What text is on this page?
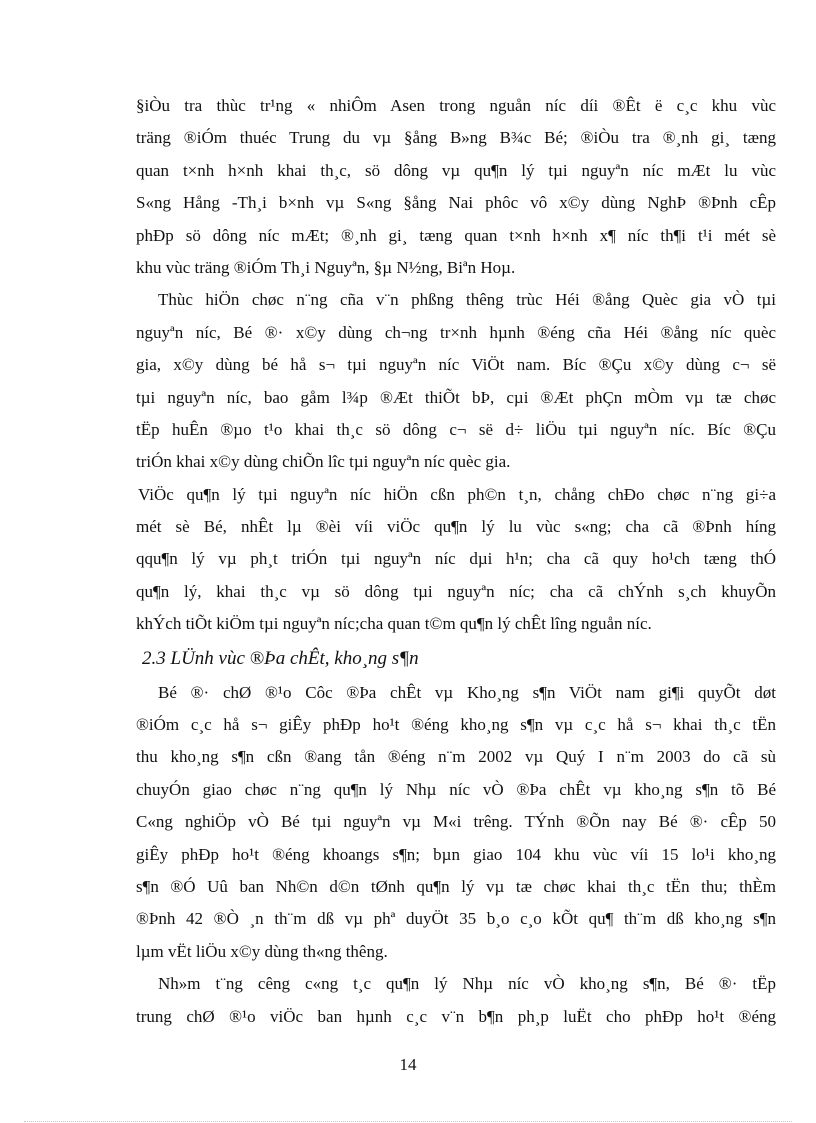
§iÒu tra thùc tr¹ng « nhiÔm Asen trong nguån níc díi ®Êt ë c¸c khu vùc
träng ®iÓm thuéc Trung du vµ §ång B»ng B¾c Bé; ®iÒu tra ®¸nh gi¸ tæng
quan t×nh h×nh khai th¸c, sö dông vµ qu¶n lý tµi nguyªn níc mÆt lu vùc
S«ng Hång -Th¸i b×nh vµ S«ng §ång Nai phôc vô x©y dùng NghÞ ®Þnh cÊp
phÐp sö dông níc mÆt; ®¸nh gi¸ tæng quan t×nh h×nh x¶ níc th¶i t¹i mét sè
khu vùc träng ®iÓm Th¸i Nguyªn, §µ N½ng, Biªn Hoµ.
Thùc hiÖn chøc n¨ng cña v¨n phßng thêng trùc Héi ®ång Quèc gia vÒ tµi
nguyªn níc, Bé ®· x©y dùng ch¬ng tr×nh hµnh ®éng cña Héi ®ång níc quèc
gia, x©y dùng bé hå s¬ tµi nguyªn níc ViÖt nam. Bíc ®Çu x©y dùng c¬ së
tµi nguyªn níc, bao gåm l¾p ®Æt thiÕt bÞ, cµi ®Æt phÇn mÒm vµ tæ chøc
tËp huÊn ®µo t¹o khai th¸c sö dông c¬ së d÷ liÖu tµi nguyªn níc. Bíc ®Çu
triÓn khai x©y dùng chiÕn lîc tµi nguyªn níc quèc gia.
ViÖc qu¶n lý tµi nguyªn níc hiÖn cßn ph©n t¸n, chång chÐo chøc n¨ng gi÷a
mét sè Bé, nhÊt lµ ®èi víi viÖc qu¶n lý lu vùc s«ng; cha cã ®Þnh híng
qqu¶n lý vµ ph¸t triÓn tµi nguyªn níc dµi h¹n; cha cã quy ho¹ch tæng thÓ
qu¶n lý, khai th¸c vµ sö dông tµi nguyªn níc; cha cã chÝnh s¸ch khuyÕn
khÝch tiÕt kiÖm tµi nguyªn níc;cha quan t©m qu¶n lý chÊt lîng nguån níc.
2.3 LÜnh vùc ®Þa chÊt, kho¸ng s¶n
Bé ®· chØ ®¹o Côc ®Þa chÊt vµ Kho¸ng s¶n ViÖt nam gi¶i quyÕt døt
®iÓm c¸c hå s¬ giÊy phÐp ho¹t ®éng kho¸ng s¶n vµ c¸c hå s¬ khai th¸c tËn
thu kho¸ng s¶n cßn ®ang tån ®éng n¨m 2002 vµ Quý I n¨m 2003 do cã sù
chuyÓn giao chøc n¨ng qu¶n lý Nhµ níc vÒ ®Þa chÊt vµ kho¸ng s¶n tõ Bé
C«ng nghiÖp vÒ Bé tµi nguyªn vµ M«i trêng. TÝnh ®Õn nay Bé ®· cÊp 50
giÊy phÐp ho¹t ®éng khoangs s¶n; bµn giao 104 khu vùc víi 15 lo¹i kho¸ng
s¶n ®Ó Uû ban Nh©n d©n tØnh qu¶n lý vµ tæ chøc khai th¸c tËn thu; thÈm
®Þnh 42 ®Ò ¸n th¨m dß vµ phª duyÖt 35 b¸o c¸o kÕt qu¶ th¨m dß kho¸ng s¶n
lµm vËt liÖu x©y dùng th«ng thêng.
Nh»m t¨ng cêng c«ng t¸c qu¶n lý Nhµ níc vÒ kho¸ng s¶n, Bé ®· tËp
trung chØ ®¹o viÖc ban hµnh c¸c v¨n b¶n ph¸p luËt cho phÐp ho¹t ®éng
14
